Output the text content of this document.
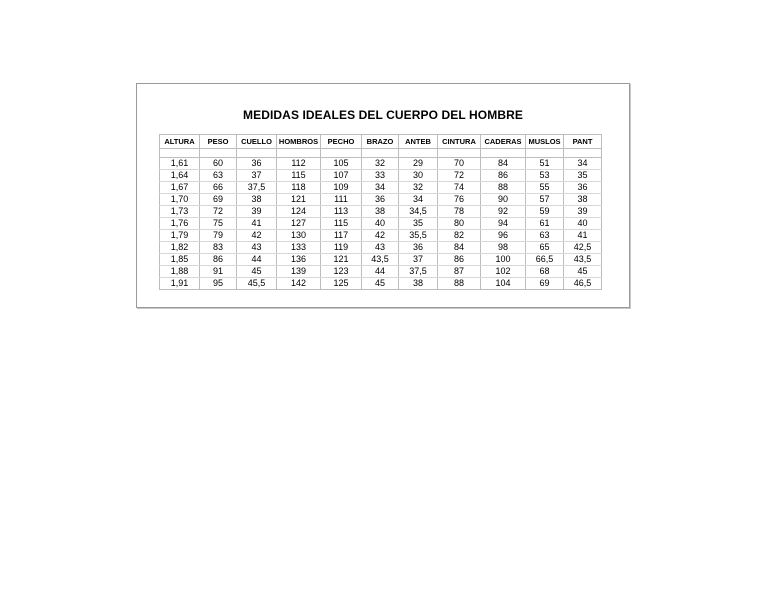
MEDIDAS IDEALES DEL CUERPO DEL HOMBRE
ALTURA	PESO	CUELLO	HOMBROS	PECHO	BRAZO	ANTEB	CINTURA	CADERAS	MUSLOS	PANT

1,61	60	36	112	105	32	29	70	84	51	34
1,64	63	37	115	107	33	30	72	86	53	35
1,67	66	37,5	118	109	34	32	74	88	55	36
1,70	69	38	121	111	36	34	76	90	57	38
1,73	72	39	124	113	38	34,5	78	92	59	39
1,76	75	41	127	115	40	35	80	94	61	40
1,79	79	42	130	117	42	35,5	82	96	63	41
1,82	83	43	133	119	43	36	84	98	65	42,5
1,85	86	44	136	121	43,5	37	86	100	66,5	43,5
1,88	91	45	139	123	44	37,5	87	102	68	45
1,91	95	45,5	142	125	45	38	88	104	69	46,5
